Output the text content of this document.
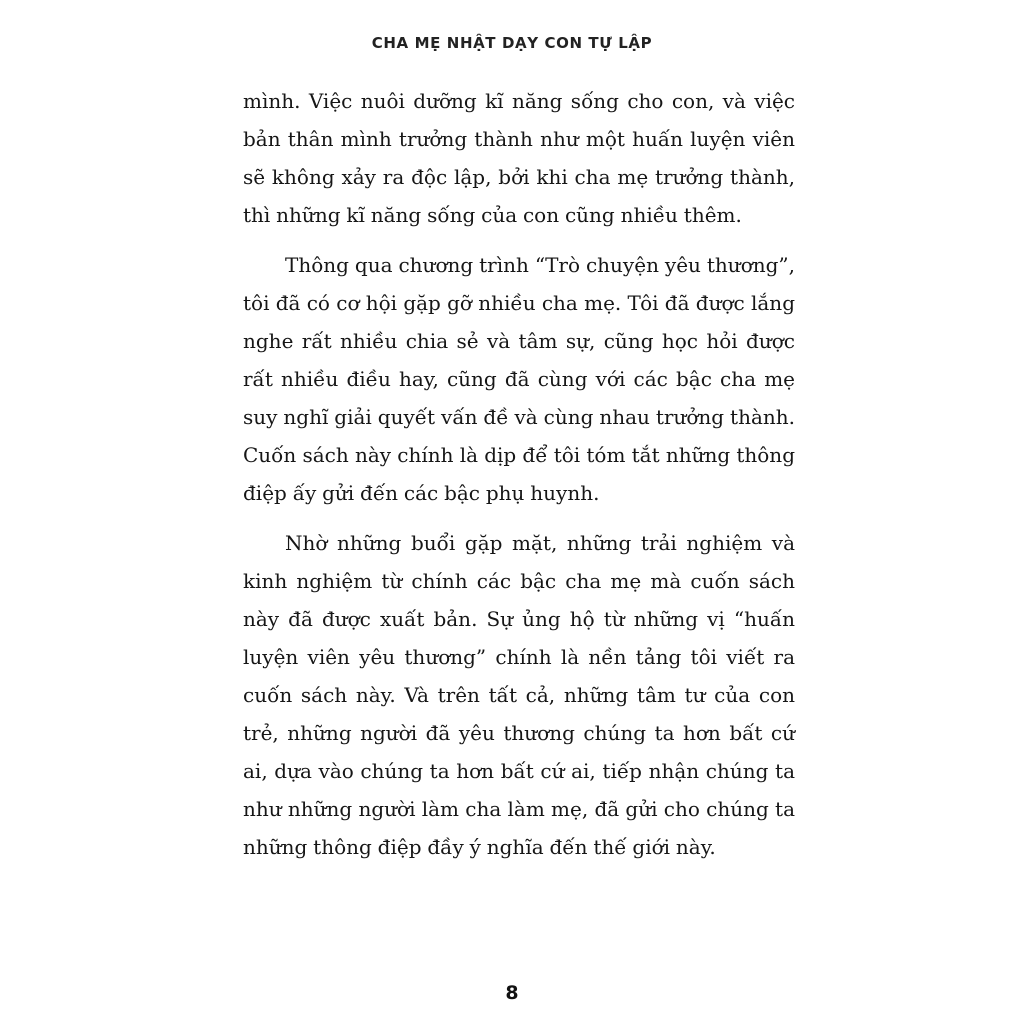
CHA MẸ NHẬT DẠY CON TỰ LẬP

mình. Việc nuôi dưỡng kĩ năng sống cho con, và việc bản thân mình trưởng thành như một huấn luyện viên sẽ không xảy ra độc lập, bởi khi cha mẹ trưởng thành, thì những kĩ năng sống của con cũng nhiều thêm.

Thông qua chương trình “Trò chuyện yêu thương”, tôi đã có cơ hội gặp gỡ nhiều cha mẹ. Tôi đã được lắng nghe rất nhiều chia sẻ và tâm sự, cũng học hỏi được rất nhiều điều hay, cũng đã cùng với các bậc cha mẹ suy nghĩ giải quyết vấn đề và cùng nhau trưởng thành. Cuốn sách này chính là dịp để tôi tóm tắt những thông điệp ấy gửi đến các bậc phụ huynh.

Nhờ những buổi gặp mặt, những trải nghiệm và kinh nghiệm từ chính các bậc cha mẹ mà cuốn sách này đã được xuất bản. Sự ủng hộ từ những vị “huấn luyện viên yêu thương” chính là nền tảng tôi viết ra cuốn sách này. Và trên tất cả, những tâm tư của con trẻ, những người đã yêu thương chúng ta hơn bất cứ ai, dựa vào chúng ta hơn bất cứ ai, tiếp nhận chúng ta như những người làm cha làm mẹ, đã gửi cho chúng ta những thông điệp đầy ý nghĩa đến thế giới này.

8
